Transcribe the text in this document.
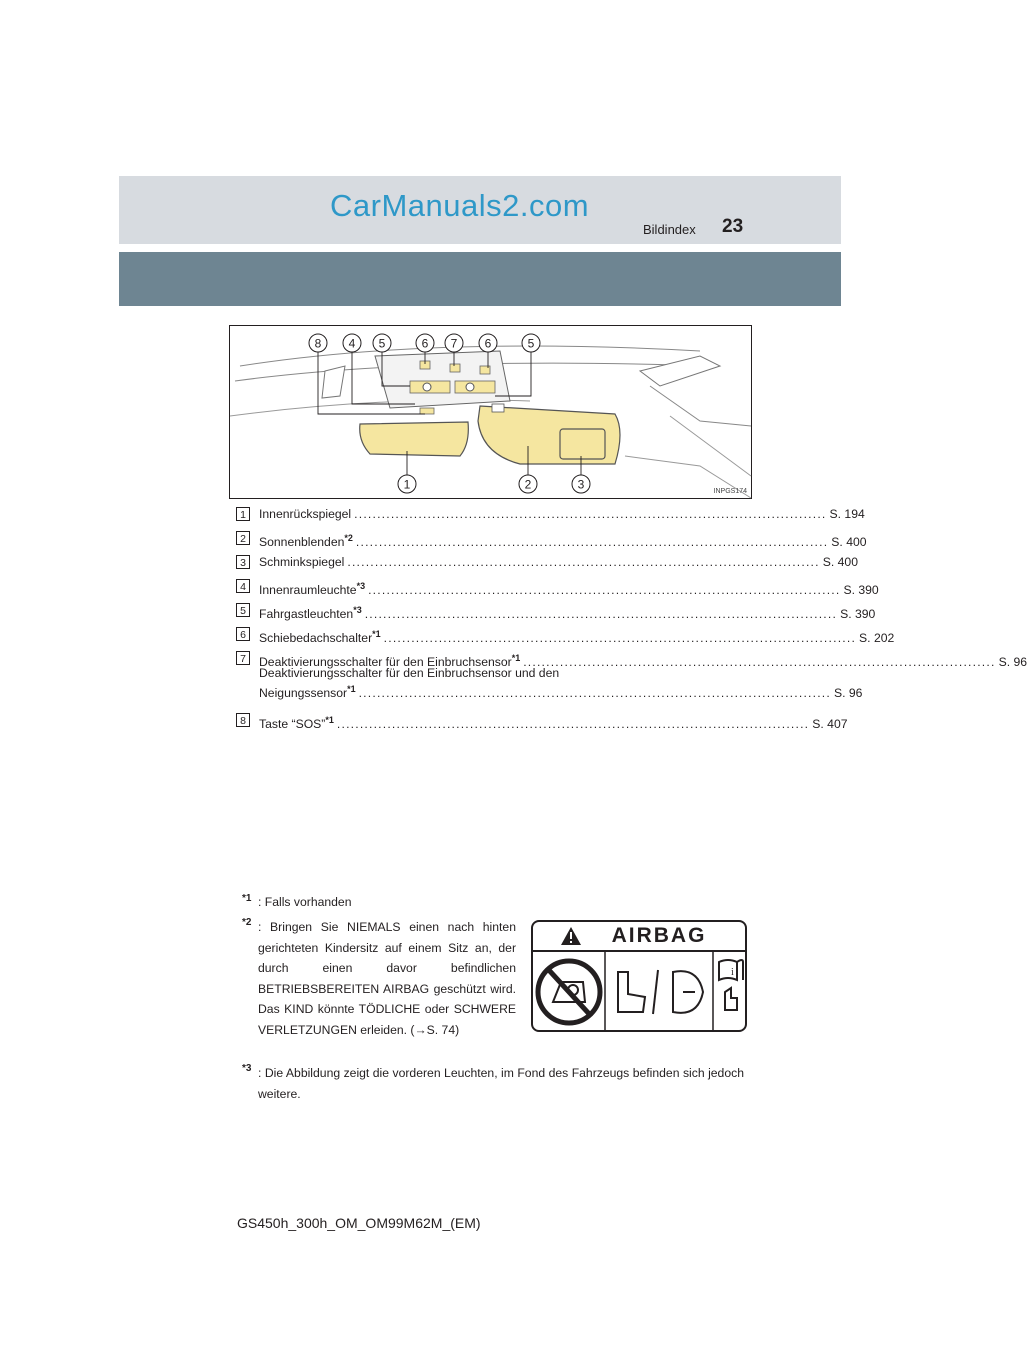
CarManuals2.com
Bildindex 23
8 4 5	6 7 6	5
1	2	3	INPGS174
1	Innenrückspiegel ....................................................................................................... S. 194
2	Sonnenblenden$^{*2}$ ....................................................................................................... S. 400
3	Schminkspiegel ....................................................................................................... S. 400
4	Innenraumleuchte$^{*3}$ ....................................................................................................... S. 390
5	Fahrgastleuchten$^{*3}$ ....................................................................................................... S. 390
6	Schiebedachschalter$^{*1}$ ....................................................................................................... S. 202
7	Deaktivierungsschalter für den Einbruchsensor$^{*1}$ ....................................................................................................... S. 96
Deaktivierungsschalter für den Einbruchsensor und den
Neigungssensor$^{*1}$ ....................................................................................................... S. 96
8	Taste “SOS”$^{*1}$ ....................................................................................................... S. 407
$^{*1}$ : Falls vorhanden
$^{*2}$ : Bringen Sie NIEMALS einen nach hinten gerichteten Kindersitz auf einem Sitz an, der durch einen davor befindlichen BETRIEBSBEREITEN AIRBAG geschützt wird. Das KIND könnte TÖDLICHE oder SCHWERE VERLETZUNGEN erleiden. (→S. 74)
$^{*3}$ : Die Abbildung zeigt die vorderen Leuchten, im Fond des Fahrzeugs befinden sich jedoch weitere.
AIRBAG
i
GS450h_300h_OM_OM99M62M_(EM)
